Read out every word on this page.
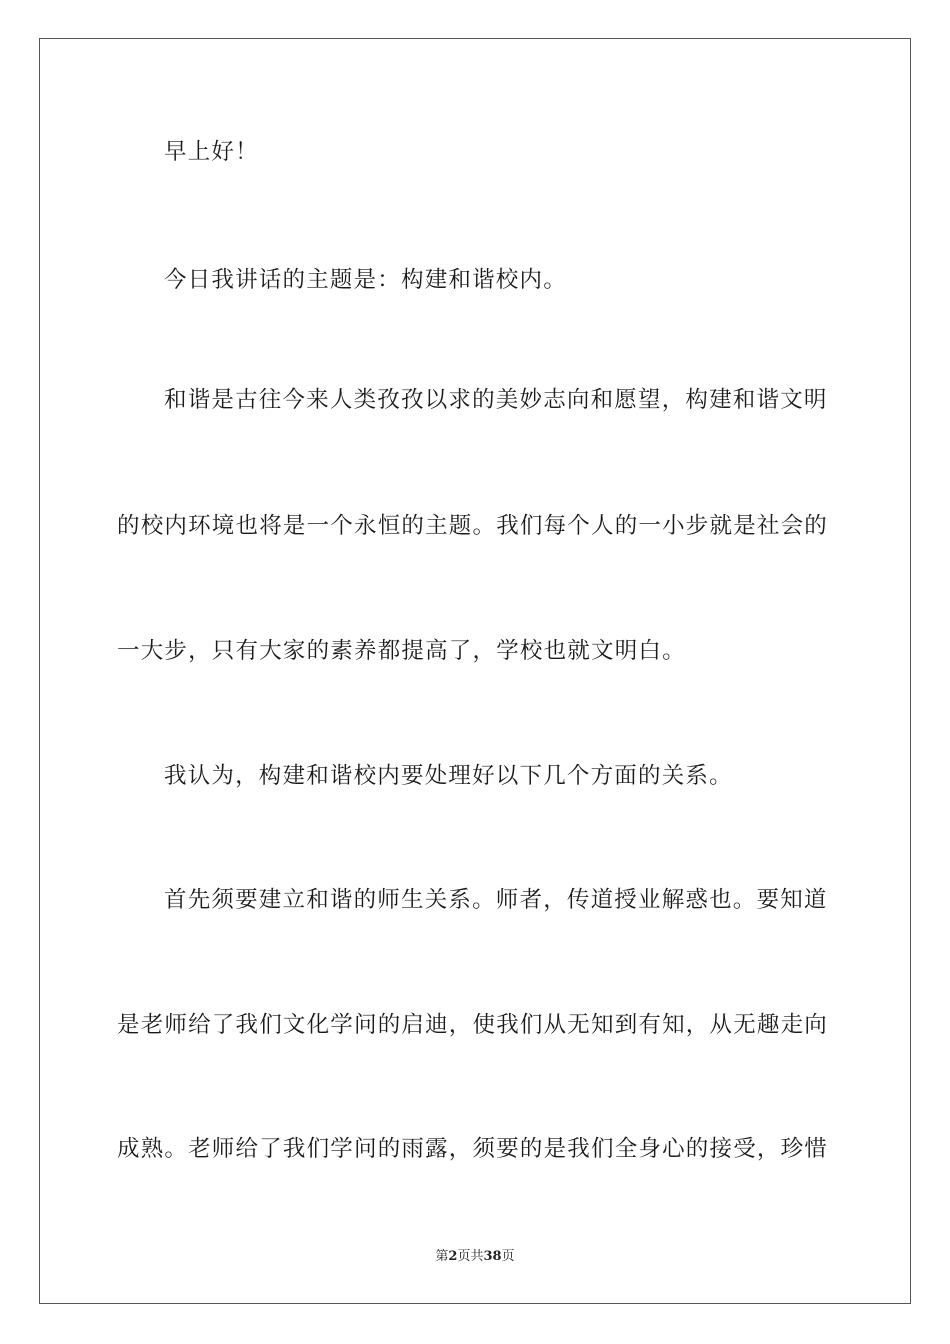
早上好！
今日我讲话的主题是：构建和谐校内。
和谐是古往今来人类孜孜以求的美妙志向和愿望，构建和谐文明
的校内环境也将是一个永恒的主题。我们每个人的一小步就是社会的
一大步，只有大家的素养都提高了，学校也就文明白。
我认为，构建和谐校内要处理好以下几个方面的关系。
首先须要建立和谐的师生关系。师者，传道授业解惑也。要知道
是老师给了我们文化学问的启迪，使我们从无知到有知，从无趣走向
成熟。老师给了我们学问的雨露，须要的是我们全身心的接受，珍惜
第2页共38页
